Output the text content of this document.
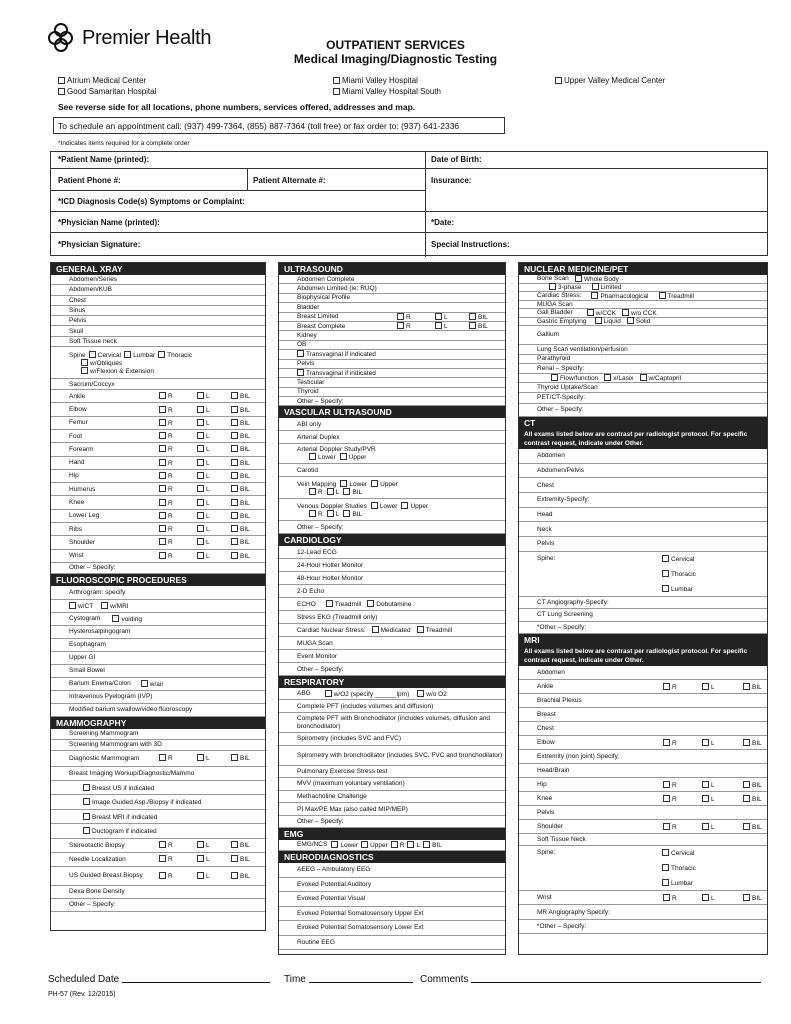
Premier Health	OUTPATIENT SERVICES
Medical Imaging/Diagnostic Testing
Atrium Medical Center
Good Samaritan Hospital
Miami Valley Hospital
Miami Valley Hospital South
Upper Valley Medical Center
See reverse side for all locations, phone numbers, services offered, addresses and map.
To schedule an appointment call: (937) 499-7364, (855) 887-7364 (toll free) or fax order to: (937) 641-2336
*Indicates items required for a complete order
*Patient Name (printed):	Date of Birth:
Patient Phone #:	Patient Alternate #:	Insurance:
*ICD Diagnosis Code(s) Symptoms or Complaint:
*Physician Name (printed):	*Date:
*Physician Signature:	Special Instructions:
GENERAL XRAY
Abdomen/Series
Abdomen/KUB
Chest
Sinus
Pelvis
Skull
Soft Tissue neck
Spine Cervical Lumbar Thoracic
w/Obliques
w/Flexion & Extension
Sacrum/Coccyx
Ankle	R	L	BIL
Elbow	R	L	BIL
Femur	R	L	BIL
Foot	R	L	BIL
Forearm	R	L	BIL
Hand	R	L	BIL
Hip	R	L	BIL
Humerus	R	L	BIL
Knee	R	L	BIL
Lower Leg	R	L	BIL
Ribs	R	L	BIL
Shoulder	R	L	BIL
Wrist	R	L	BIL
Other – Specify:
FLUOROSCOPIC PROCEDURES
Arthrogram: specify
w/CT	w/MRI
Cystogram	voiding
Hysterosalpingogram
Esophagram
Upper GI
Small Bowel
Barium Enema/Colon	w/air
Intravenous Pyelogram (IVP)
Modified barium swallow/video fluoroscopy
MAMMOGRAPHY
Screening Mammogram
Screening Mammogram with 3D
Diagnostic Mammogram	R	L	BIL
Breast Imaging Workup/Diagnostic/Mammo
Breast US if indicated
Image Guided Asp./Biopsy if indicated
Breast MRI if indicated
Ductogram if indicated
Stereotactic Biopsy	R	L	BIL
Needle Localization	R	L	BIL
US Guided Breast Biopsy	R	L	BIL
Dexa Bone Density
Other – Specify:
ULTRASOUND
Abdomen Complete
Abdomen Limited (ie: RUQ)
Biophysical Profile
Bladder
Breast Limited	R	L	BIL
Breast Complete	R	L	BIL
Kidney
OB
Transvaginal if indicated
Pelvis
Transvaginal if indicated
Testicular
Thyroid
Other – Specify:
VASCULAR ULTRASOUND
ABI only
Arterial Duplex
Arterial Doppler Study/PVR
Lower Upper
Carotid
Vein Mapping Lower Upper
R L BIL
Venous Doppler Studies Lower Upper
R L BIL
Other – Specify:
CARDIOLOGY
12-Lead ECG
24-Hour Holter Monitor
48-Hour Holter Monitor
2-D Echo
ECHO	Treadmill	Dobutamine
Stress EKG (Treadmill only)
Cardiac Nuclear Stress:	Medicated	Treadmill
MUGA Scan
Event Monitor
Other – Specify:
RESPIRATORY
ABG	w/O2 (specify ______lpm)	w/o O2
Complete PFT (includes volumes and diffusion)
Complete PFT with Bronchodilator (includes volumes, diffusion and bronchodilator)
Spirometry (includes SVC and FVC)
Spirometry with bronchodilator (includes SVC, FVC and bronchodilator)
Pulmonary Exercise Stress test
MVV (maximum voluntary ventilation)
Methacholine Challenge
PI Max/PE Max (also called MIP/MEP)
Other – Specify:
EMG
EMG/NCS	Lower	Upper	R	L	BIL
NEURODIAGNOSTICS
AEEG – Ambulatory EEG
Evoked Potential Auditory
Evoked Potential Visual
Evoked Potential Somatosensory Upper Ext
Evoked Potential Somatosensory Lower Ext
Routine EEG
NUCLEAR MEDICINE/PET
Bone Scan	Whole Body
3-phase	Limited
Cardiac Stress:	Pharmacological	Treadmill
MUGA Scan
Gall Bladder	w/CCK	w/o CCK
Gastric Emptying	Liquid	Solid
Gallium
Lung Scan ventilation/perfusion
Parathyroid
Renal – Specify:
Flow/function	x/Lasix	w/Captopril
Thyroid Uptake/Scan
PET/CT-Specify:
Other – Specify:
CT
All exams listed below are contrast per radiologist protocol. For specific contrast request, indicate under Other.
Abdomen
Abdomen/Pelvis
Chest
Extremity-Specify:
Head
Neck
Pelvis
Spine:	Cervical
Thoracic
Lumbar
CT Angiography-Specify:
CT Lung Screening
*Other – Specify:
MRI
All exams listed below are contrast per radiologist protocol. For specific contrast request, indicate under Other.
Abdomen
Ankle	R	L	BIL
Brachial Plexus
Breast
Chest
Elbow	R	L	BIL
Extremity (non joint) Specify:
Head/Brain
Hip	R	L	BIL
Knee	R	L	BIL
Pelvis
Shoulder	R	L	BIL
Soft Tissue Neck
Spine:	Cervical
Thoracic
Lumbar
Wrist	R	L	BIL
MR Angiography Specify:
*Other – Specify:
Scheduled Date	Time	Comments
PH-57 (Rev. 12/2015)
